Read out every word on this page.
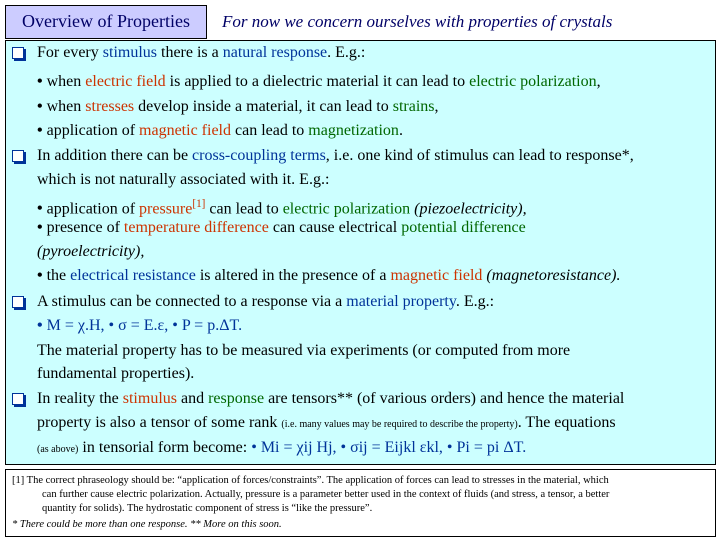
Overview of Properties	For now we concern ourselves with properties of crystals
For every stimulus there is a natural response. E.g.:
• when electric field is applied to a dielectric material it can lead to electric polarization,
• when stresses develop inside a material, it can lead to strains,
• application of magnetic field can lead to magnetization.
In addition there can be cross-coupling terms, i.e. one kind of stimulus can lead to response*,
which is not naturally associated with it. E.g.:
• application of pressure[1] can lead to electric polarization (piezoelectricity),
• presence of temperature difference can cause electrical potential difference
(pyroelectricity),
• the electrical resistance is altered in the presence of a magnetic field (magnetoresistance).
A stimulus can be connected to a response via a material property. E.g.:
• M = χ.H, • σ = E.ε, • P = p.ΔT.
The material property has to be measured via experiments (or computed from more
fundamental properties).
In reality the stimulus and response are tensors** (of various orders) and hence the material
property is also a tensor of some rank (i.e. many values may be required to describe the property). The equations
(as above) in tensorial form become: • Mi = χij Hj, • σij = Eijkl εkl, • Pi = pi ΔT.
[1] The correct phraseology should be: “application of forces/constraints”. The application of forces can lead to stresses in the material, which
can further cause electric polarization. Actually, pressure is a parameter better used in the context of fluids (and stress, a tensor, a better
quantity for solids). The hydrostatic component of stress is “like the pressure”.
* There could be more than one response. ** More on this soon.
